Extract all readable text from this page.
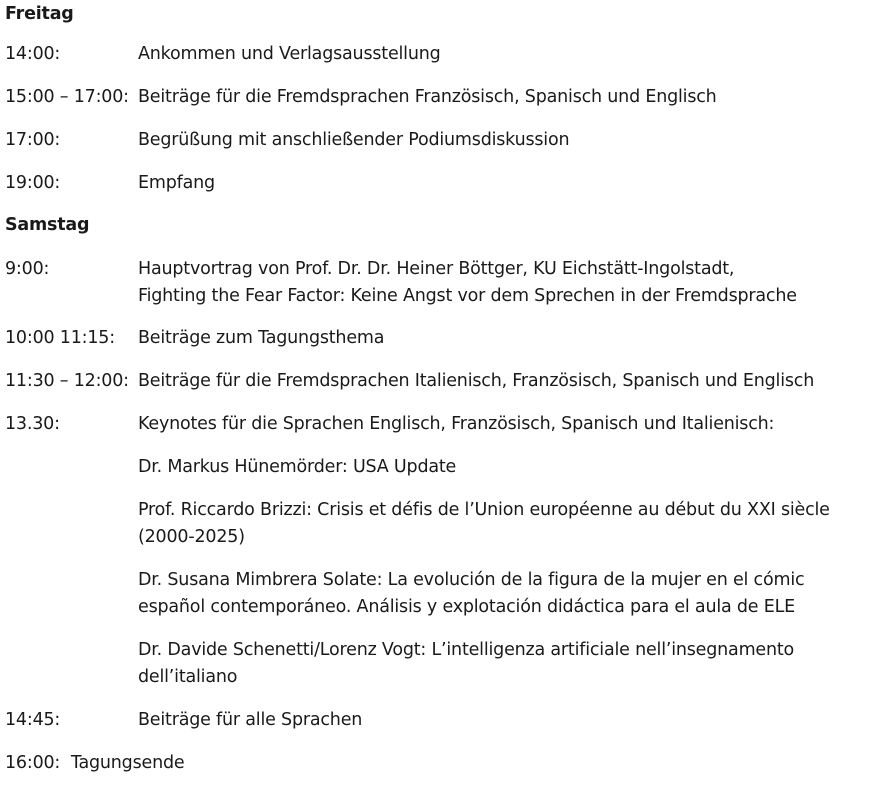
Freitag
14:00:	Ankommen und Verlagsausstellung
15:00 – 17:00: Beiträge für die Fremdsprachen Französisch, Spanisch und Englisch
17:00:	Begrüßung mit anschließender Podiumsdiskussion
19:00:	Empfang
Samstag
9:00:	Hauptvortrag von Prof. Dr. Dr. Heiner Böttger, KU Eichstätt-Ingolstadt,
Fighting the Fear Factor: Keine Angst vor dem Sprechen in der Fremdsprache
10:00 11:15: Beiträge zum Tagungsthema
11:30 – 12:00: Beiträge für die Fremdsprachen Italienisch, Französisch, Spanisch und Englisch
13.30:	Keynotes für die Sprachen Englisch, Französisch, Spanisch und Italienisch:
Dr. Markus Hünemörder: USA Update
Prof. Riccardo Brizzi: Crisis et défis de l’Union européenne au début du XXI siècle
(2000-2025)
Dr. Susana Mimbrera Solate: La evolución de la figura de la mujer en el cómic
español contemporáneo. Análisis y explotación didáctica para el aula de ELE
Dr. Davide Schenetti/Lorenz Vogt: L’intelligenza artificiale nell’insegnamento
dell’italiano
14:45:	Beiträge für alle Sprachen
16:00: Tagungsende
